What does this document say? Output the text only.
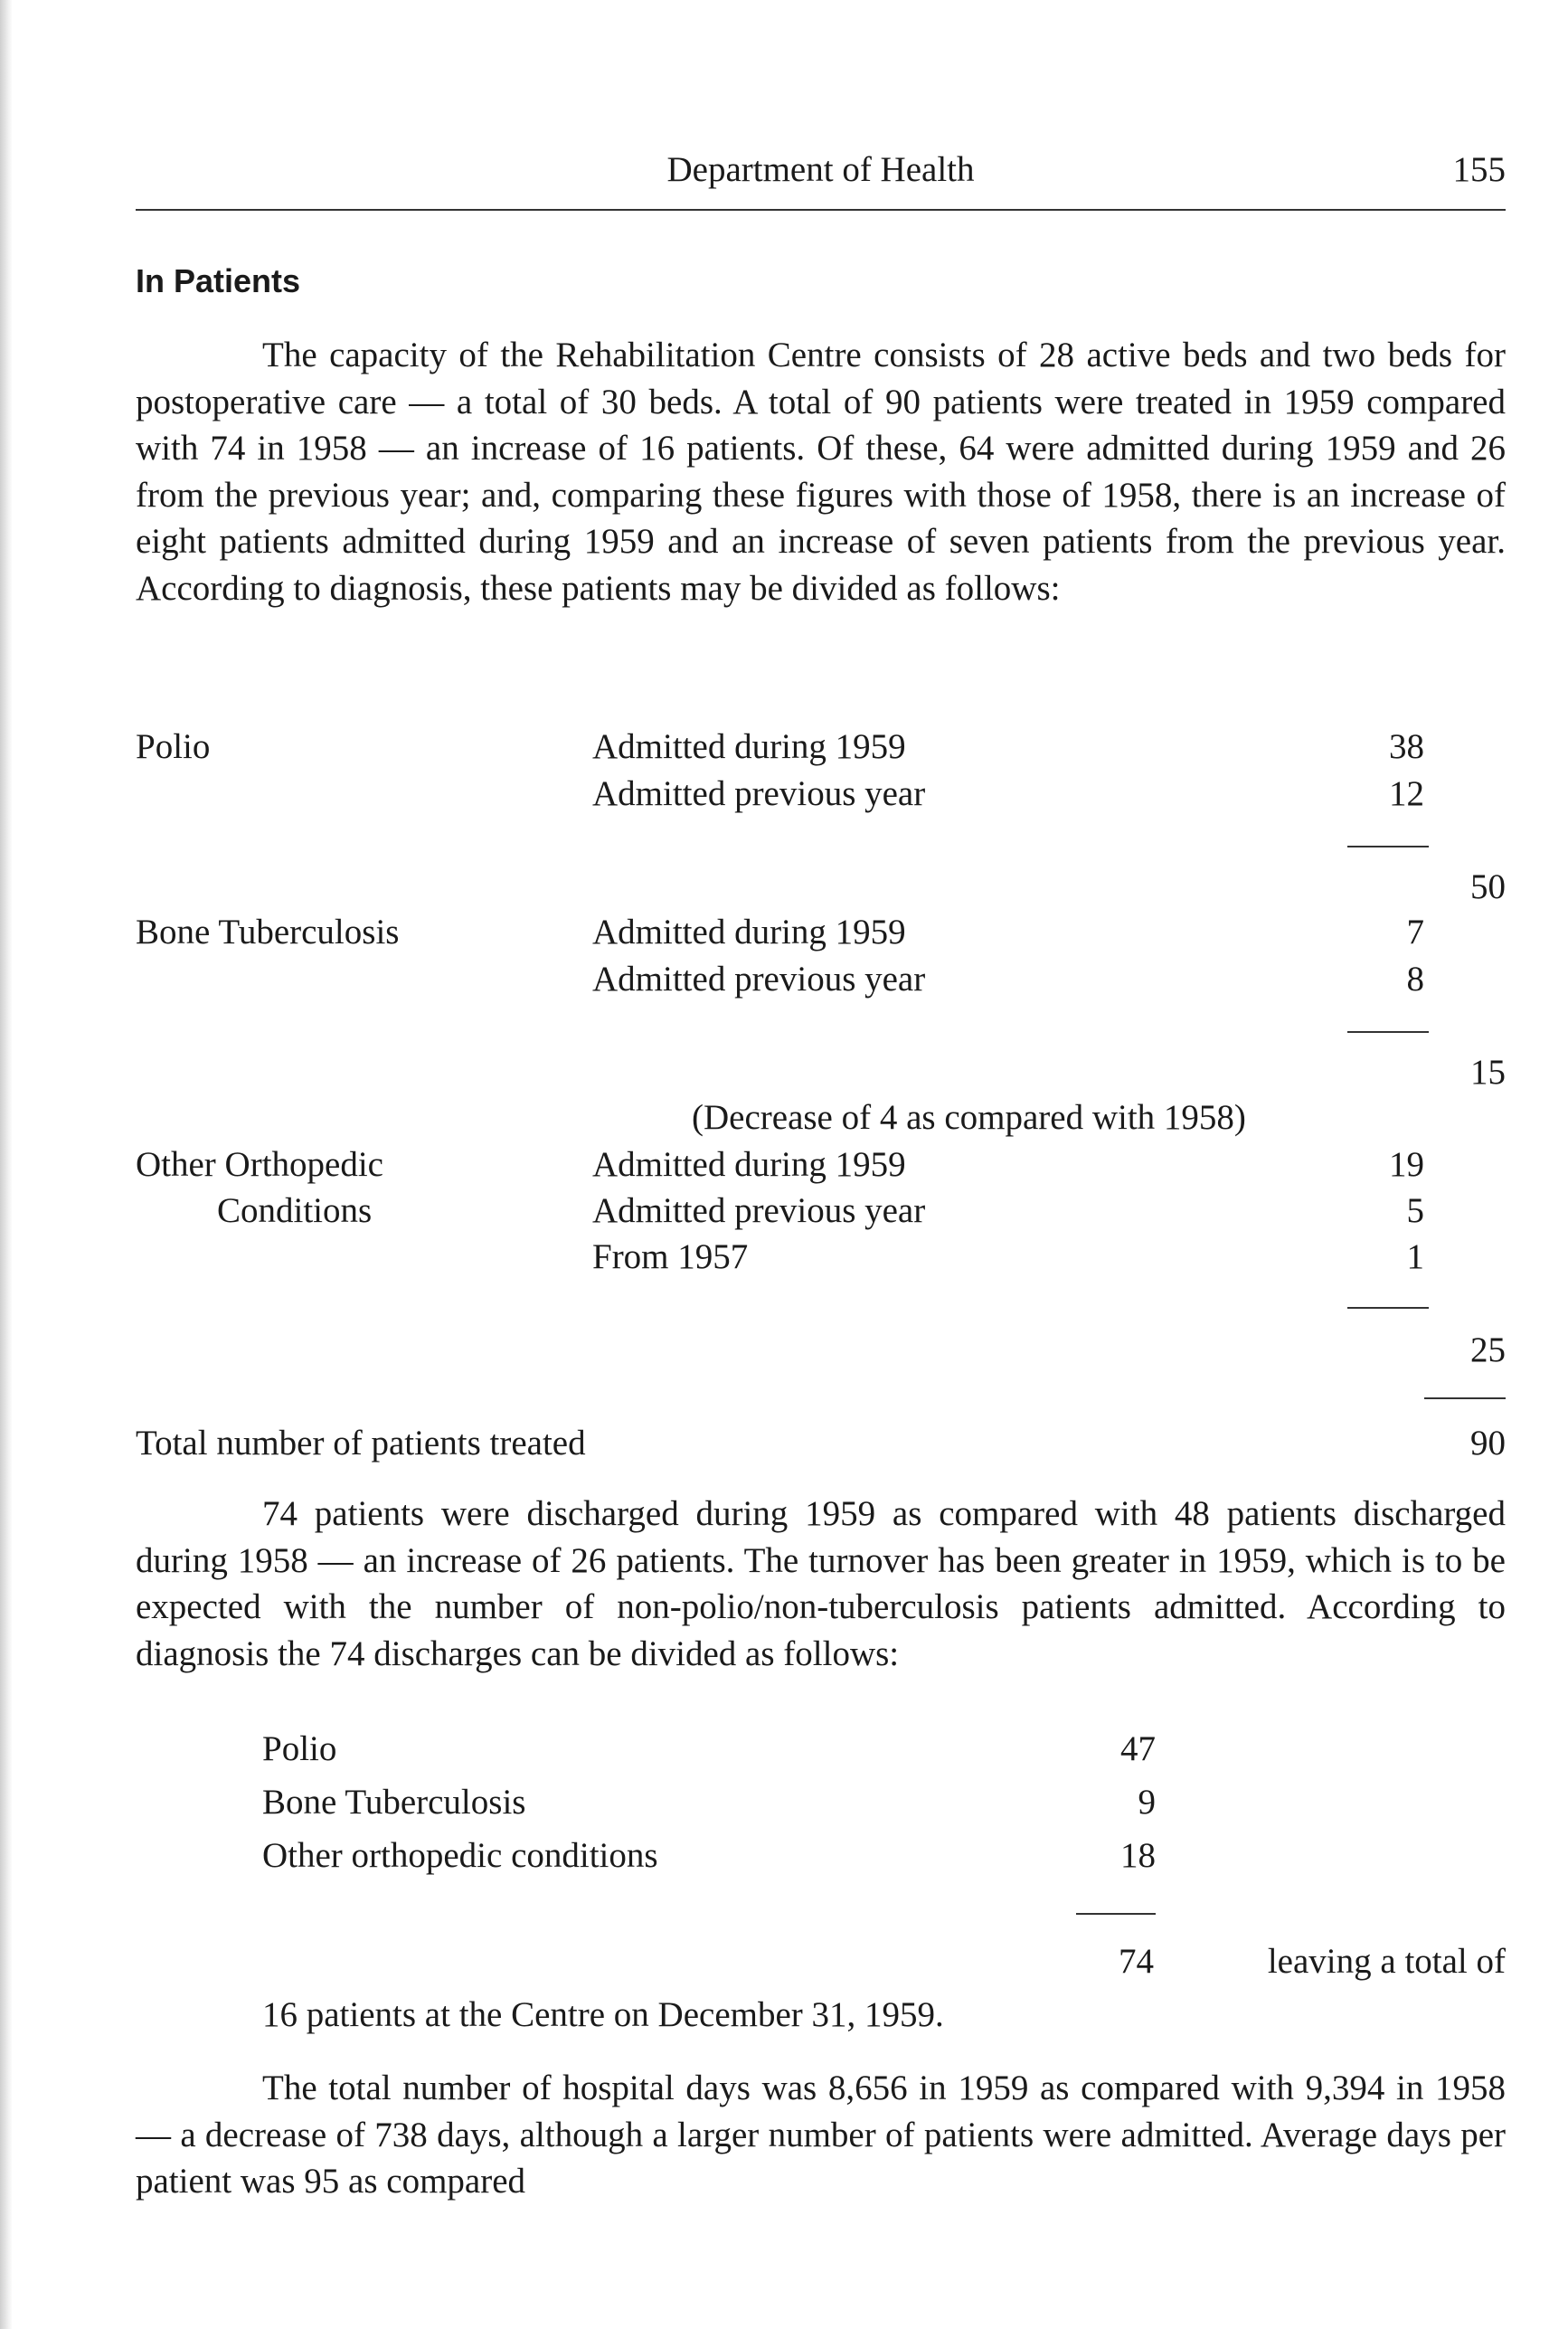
Department of Health	155
In Patients

The capacity of the Rehabilitation Centre consists of 28 active beds and two beds for postoperative care — a total of 30 beds. A total of 90 patients were treated in 1959 compared with 74 in 1958 — an increase of 16 patients. Of these, 64 were admitted during 1959 and 26 from the previous year; and, comparing these figures with those of 1958, there is an increase of eight patients admitted during 1959 and an increase of seven patients from the previous year. According to diagnosis, these patients may be divided as follows:

Polio	Admitted during 1959	38
Admitted previous year	12
50
Bone Tuberculosis	Admitted during 1959	7
Admitted previous year	8
15
(Decrease of 4 as compared with 1958)
Other Orthopedic	Admitted during 1959	19
Conditions	Admitted previous year	5
From 1957	1
25
Total number of patients treated	90

74 patients were discharged during 1959 as compared with 48 patients discharged during 1958 — an increase of 26 patients. The turnover has been greater in 1959, which is to be expected with the number of non-polio/non-tuberculosis patients admitted. According to diagnosis the 74 discharges can be divided as follows:

Polio	47
Bone Tuberculosis	9
Other orthopedic conditions	18
74	leaving a total of
16 patients at the Centre on December 31, 1959.

The total number of hospital days was 8,656 in 1959 as compared with 9,394 in 1958 — a decrease of 738 days, although a larger number of patients were admitted. Average days per patient was 95 as compared
